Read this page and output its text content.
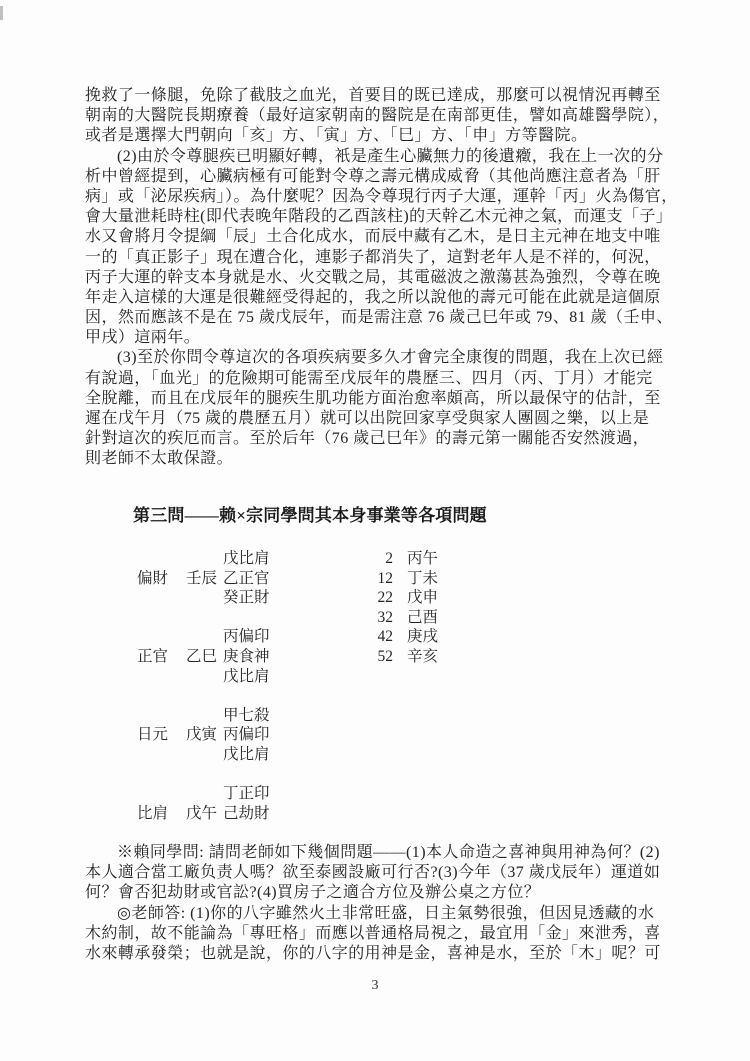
挽救了一條腿，免除了截肢之血光，首要目的既已達成，那麼可以視情況再轉至
朝南的大醫院長期療養（最好這家朝南的醫院是在南部更佳，譬如高雄醫學院），
或者是選擇大門朝向「亥」方、「寅」方、「巳」方、「申」方等醫院。
(2)由於令尊腿疾已明顯好轉，衹是產生心臟無力的後遺癥，我在上一次的分
析中曾經提到，心臟病極有可能對令尊之壽元構成威脅（其他尚應注意者為「肝
病」或「泌尿疾病」）。為什麼呢？因為令尊現行丙子大運，運幹「丙」火為傷官，
會大量泄耗時柱(即代表晚年階段的乙酉該柱)的天幹乙木元神之氣，而運支「子」
水又會將月令提綱「辰」土合化成水，而辰中藏有乙木，是日主元神在地支中唯
一的「真正影子」現在遭合化，連影子都消失了，這對老年人是不祥的，何況，
丙子大運的幹支本身就是水、火交戰之局，其電磁波之激蕩甚為強烈，令尊在晚
年走入這樣的大運是很難經受得起的，我之所以說他的壽元可能在此就是這個原
因，然而應該不是在 75 歲戊辰年，而是需注意 76 歲己巳年或 79、81 歲（壬申、
甲戌）這兩年。
(3)至於你問令尊這次的各項疾病要多久才會完全康復的問題，我在上次已經
有說過，「血光」的危險期可能需至戊辰年的農歷三、四月（丙、丁月）才能完
全脫離，而且在戊辰年的腿疾生肌功能方面治愈率頗高，所以最保守的估計，至
遲在戊午月（75 歲的農歷五月）就可以出院回家享受與家人團圆之樂，以上是
針對這次的疾厄而言。至於后年（76 歲己巳年》的壽元第一關能否安然渡過，
則老師不太敢保證。
第三問——赖×宗同學問其本身事業等各項問題
戊比肩	2 丙午
偏財	壬辰 乙正官	12 丁未
癸正財	22 戊申
32 己酉
丙偏印	42 庚戌
正官	乙巳 庚食神	52 辛亥
戊比肩
甲七殺
日元	戊寅 丙偏印
戊比肩
丁正印
比肩	戊午 己劫財
※賴同學問: 請問老師如下幾個問題——(1)本人命造之喜神與用神為何？(2)
本人適合當工廠负责人嗎？欲至泰國設廠可行否?(3)今年（37 歲戊辰年）運道如
何？會否犯劫財或官訟?(4)買房子之適合方位及辦公桌之方位？
◎老師答: (1)你的八字雖然火土非常旺盛，日主氣勢很強，但因見透藏的水
木約制，故不能論為「專旺格」而應以普通格局視之，最宜用「金」來泄秀，喜
水來轉承發榮；也就是說，你的八字的用神是金，喜神是水，至於「木」呢？可
3
